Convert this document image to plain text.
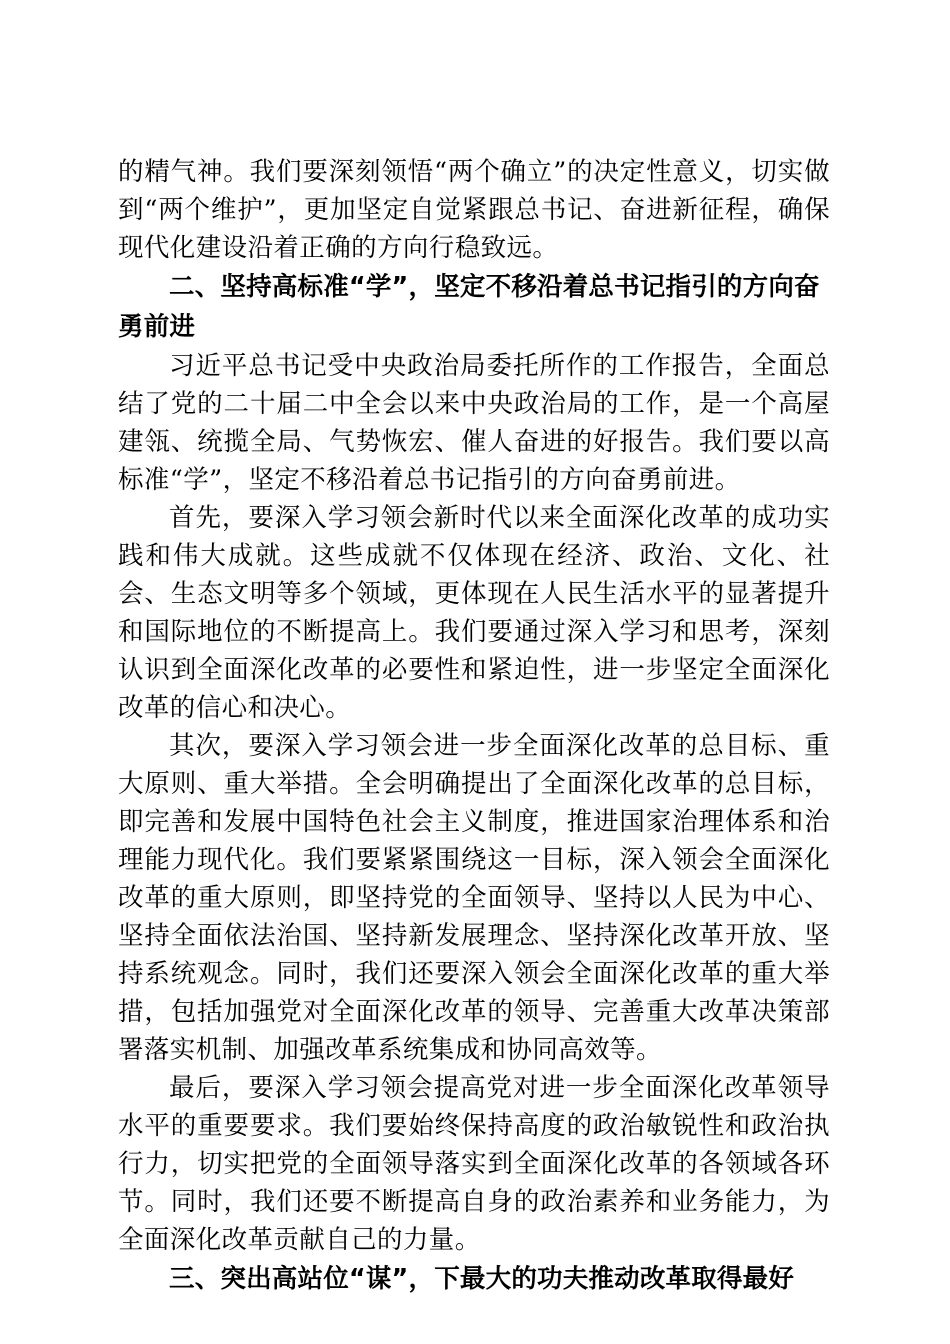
的精气神。我们要深刻领悟“两个确立”的决定性意义，切实做到“两个维护”，更加坚定自觉紧跟总书记、奋进新征程，确保现代化建设沿着正确的方向行稳致远。

二、坚持高标准“学”，坚定不移沿着总书记指引的方向奋勇前进

习近平总书记受中央政治局委托所作的工作报告，全面总结了党的二十届二中全会以来中央政治局的工作，是一个高屋建瓴、统揽全局、气势恢宏、催人奋进的好报告。我们要以高标准“学”，坚定不移沿着总书记指引的方向奋勇前进。

首先，要深入学习领会新时代以来全面深化改革的成功实践和伟大成就。这些成就不仅体现在经济、政治、文化、社会、生态文明等多个领域，更体现在人民生活水平的显著提升和国际地位的不断提高上。我们要通过深入学习和思考，深刻认识到全面深化改革的必要性和紧迫性，进一步坚定全面深化改革的信心和决心。

其次，要深入学习领会进一步全面深化改革的总目标、重大原则、重大举措。全会明确提出了全面深化改革的总目标，即完善和发展中国特色社会主义制度，推进国家治理体系和治理能力现代化。我们要紧紧围绕这一目标，深入领会全面深化改革的重大原则，即坚持党的全面领导、坚持以人民为中心、坚持全面依法治国、坚持新发展理念、坚持深化改革开放、坚持系统观念。同时，我们还要深入领会全面深化改革的重大举措，包括加强党对全面深化改革的领导、完善重大改革决策部署落实机制、加强改革系统集成和协同高效等。

最后，要深入学习领会提高党对进一步全面深化改革领导水平的重要要求。我们要始终保持高度的政治敏锐性和政治执行力，切实把党的全面领导落实到全面深化改革的各领域各环节。同时，我们还要不断提高自身的政治素养和业务能力，为全面深化改革贡献自己的力量。

三、突出高站位“谋”，下最大的功夫推动改革取得最好
